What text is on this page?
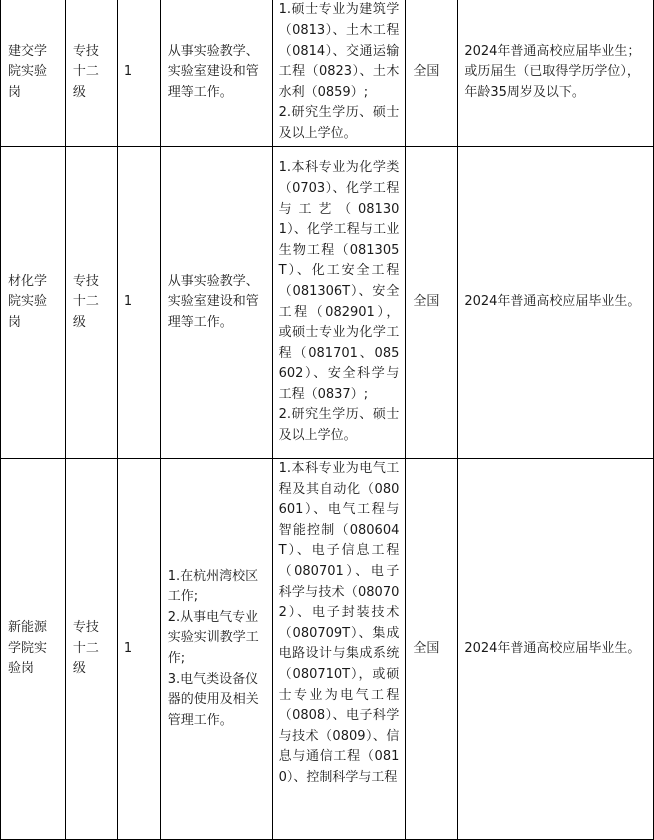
建交学院实验岗	专技十二级	1	从事实验教学、实验室建设和管理等工作。	1.硕士专业为建筑学（0813）、土木工程（0814）、交通运输工程（0823）、土木水利（0859）;
2.研究生学历、硕士及以上学位。	全国	2024年普通高校应届毕业生；或历届生（已取得学历学位），年龄35周岁及以下。
材化学院实验岗	专技十二级	1	从事实验教学、实验室建设和管理等工作。	1.本科专业为化学类（0703）、化学工程与工艺（081301）、化学工程与工业生物工程（081305T）、化工安全工程（081306T）、安全工程（082901），或硕士专业为化学工程（081701、085602）、安全科学与工程（0837）;
2.研究生学历、硕士及以上学位。	全国	2024年普通高校应届毕业生。
新能源学院实验岗	专技十二级	1	1.在杭州湾校区工作;
2.从事电气专业实验实训教学工作;
3.电气类设备仪器的使用及相关管理工作。	1.本科专业为电气工程及其自动化（080601）、电气工程与智能控制（080604T）、电子信息工程（080701）、电子科学与技术（080702）、电子封装技术（080709T）、集成电路设计与集成系统（080710T），或硕士专业为电气工程（0808）、电子科学与技术（0809）、信息与通信工程（0810）、控制科学与工程	全国	2024年普通高校应届毕业生。
